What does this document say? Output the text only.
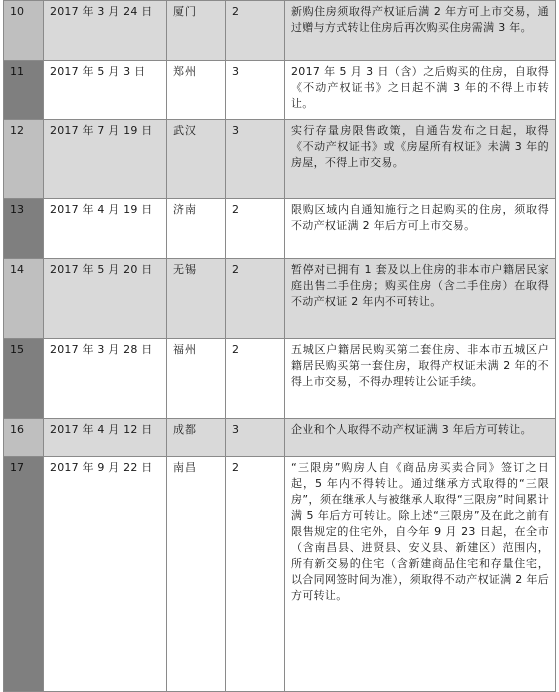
10	2017 年 3 月 24 日	厦门	2	新购住房须取得产权证后满 2 年方可上市交易，通过赠与方式转让住房后再次购买住房需满 3 年。
11	2017 年 5 月 3 日	郑州	3	2017 年 5 月 3 日（含）之后购买的住房，自取得《不动产权证书》之日起不满 3 年的不得上市转让。
12	2017 年 7 月 19 日	武汉	3	实行存量房限售政策，自通告发布之日起，取得《不动产权证书》或《房屋所有权证》未满 3 年的房屋，不得上市交易。
13	2017 年 4 月 19 日	济南	2	限购区域内自通知施行之日起购买的住房，须取得不动产权证满 2 年后方可上市交易。
14	2017 年 5 月 20 日	无锡	2	暂停对已拥有 1 套及以上住房的非本市户籍居民家庭出售二手住房；购买住房（含二手住房）在取得不动产权证 2 年内不可转让。
15	2017 年 3 月 28 日	福州	2	五城区户籍居民购买第二套住房、非本市五城区户籍居民购买第一套住房，取得产权证未满 2 年的不得上市交易，不得办理转让公证手续。
16	2017 年 4 月 12 日	成都	3	企业和个人取得不动产权证满 3 年后方可转让。
17	2017 年 9 月 22 日	南昌	2	“三限房”购房人自《商品房买卖合同》签订之日起，5 年内不得转让。通过继承方式取得的“三限房”，须在继承人与被继承人取得“三限房”时间累计满 5 年后方可转让。除上述“三限房”及在此之前有限售规定的住宅外，自今年 9 月 23 日起，在全市（含南昌县、进贤县、安义县、新建区）范围内，所有新交易的住宅（含新建商品住宅和存量住宅，以合同网签时间为准），须取得不动产权证满 2 年后方可转让。
